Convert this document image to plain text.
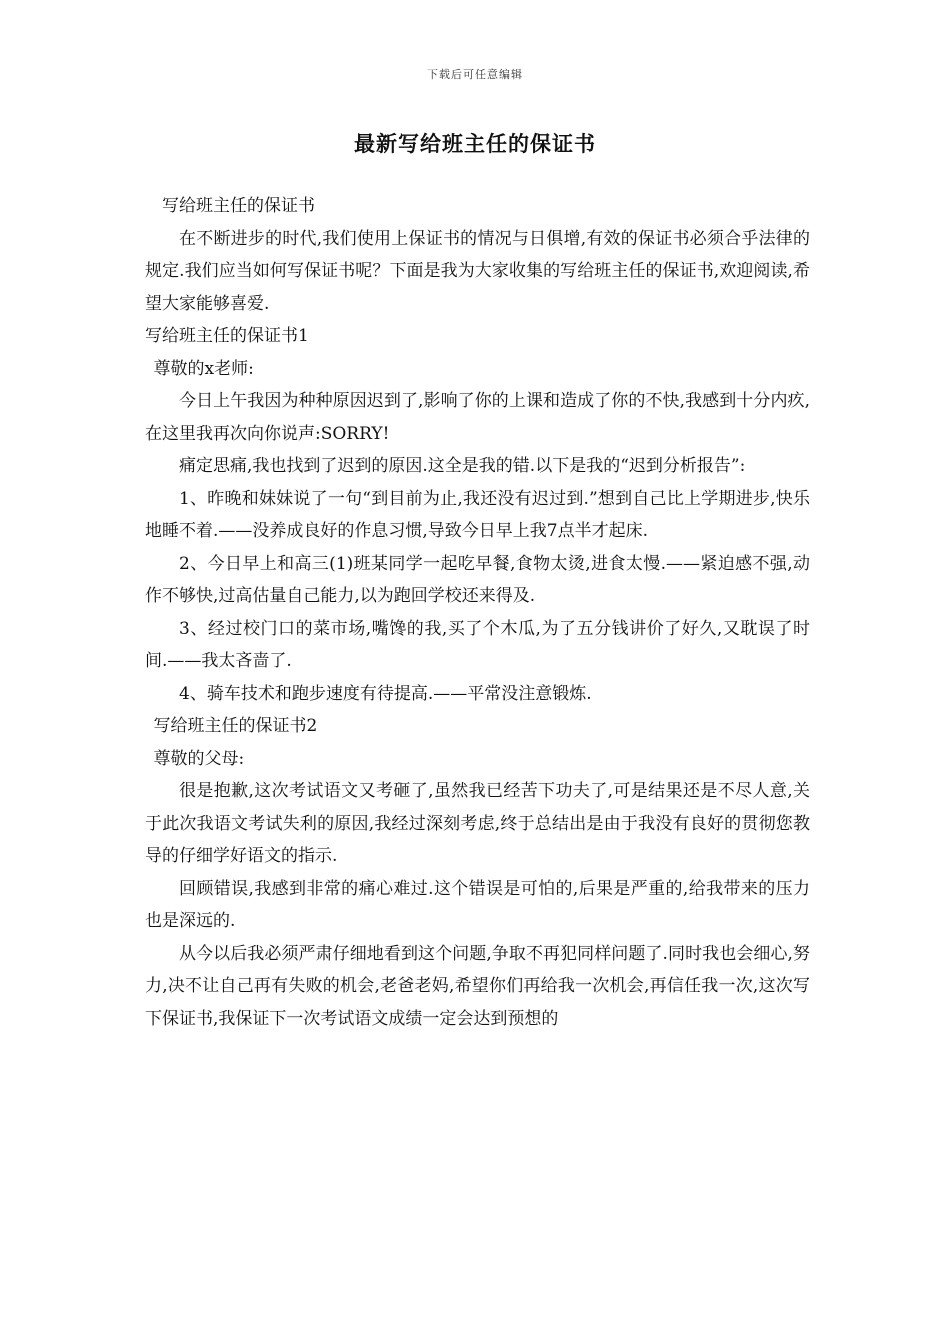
下载后可任意编辑
最新写给班主任的保证书

写给班主任的保证书

在不断进步的时代,我们使用上保证书的情况与日俱增,有效的保证书必须合乎法律的规定.我们应当如何写保证书呢？下面是我为大家收集的写给班主任的保证书,欢迎阅读,希望大家能够喜爱.

写给班主任的保证书1

尊敬的x老师:

今日上午我因为种种原因迟到了,影响了你的上课和造成了你的不快,我感到十分内疚,在这里我再次向你说声:SORRY!

痛定思痛,我也找到了迟到的原因.这全是我的错.以下是我的“迟到分析报告”:

1、昨晚和妹妹说了一句“到目前为止,我还没有迟过到.”想到自己比上学期进步,快乐地睡不着.——没养成良好的作息习惯,导致今日早上我7点半才起床.

2、今日早上和高三(1)班某同学一起吃早餐,食物太烫,进食太慢.——紧迫感不强,动作不够快,过高估量自己能力,以为跑回学校还来得及.

3、经过校门口的菜市场,嘴馋的我,买了个木瓜,为了五分钱讲价了好久,又耽误了时间.——我太吝啬了.

4、骑车技术和跑步速度有待提高.——平常没注意锻炼.

写给班主任的保证书2

尊敬的父母:

很是抱歉,这次考试语文又考砸了,虽然我已经苦下功夫了,可是结果还是不尽人意,关于此次我语文考试失利的原因,我经过深刻考虑,终于总结出是由于我没有良好的贯彻您教导的仔细学好语文的指示.

回顾错误,我感到非常的痛心难过.这个错误是可怕的,后果是严重的,给我带来的压力也是深远的.

从今以后我必须严肃仔细地看到这个问题,争取不再犯同样问题了.同时我也会细心,努力,决不让自己再有失败的机会,老爸老妈,希望你们再给我一次机会,再信任我一次,这次写下保证书,我保证下一次考试语文成绩一定会达到预想的
